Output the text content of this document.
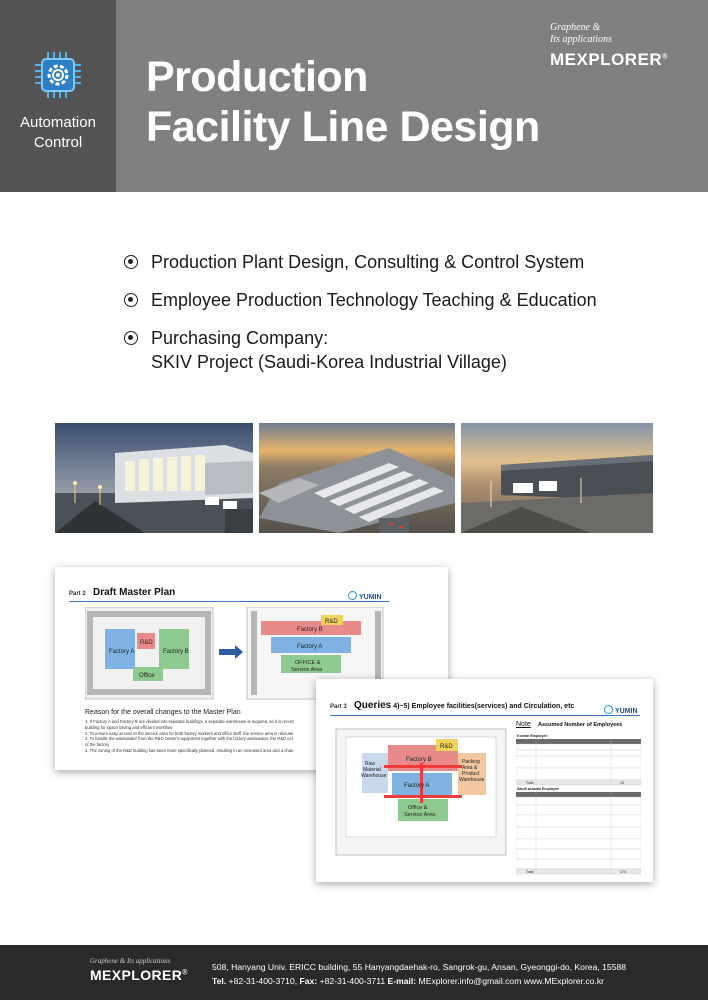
Automation
Control
Production
Facility Line Design
Graphene &
Its applications
MEXPLORER®
Production Plant Design, Consulting & Control System
Employee Production Technology Teaching & Education
Purchasing Company:
SKIV Project (Saudi-Korea Industrial Village)
Part 2 Draft Master Plan	YUMIN
Factory A
R&D
Factory B
Office
R&D
Factory B
Factory A
OFFICE &
Service Area
Reason for the overall changes to the Master Plan
1. If Factory A and Factory B are divided into separate buildings, a separate warehouse is required, so it is recom
building for space saving and efficient workflow
2. To ensure easy access to the service area for both factory workers and office staff, the service area is relocate
3. To handle the wastewater from the R&D center's equipment together with the factory wastewater, the R&D cer
of the factory
4. The zoning of the R&D building has been more specifically planned, resulting in an increased area and a chan
Part 3 Queries 4)~5) Employee facilities(services) and Circulation, etc
YUMIN
R&D
Factory B
Factory A
Raw
Material
Warehouse
Packing
Area &
Product
Warehouse
Office &
Service Area
Note Assumed Number of Employees
Korean Employee
Total	10
Saudi Arabian Employee
Total	174
Graphene & Its applications
MEXPLORER®
508, Hanyang Univ. ERICC building, 55 Hanyangdaehak-ro, Sangrok-gu, Ansan, Gyeonggi-do, Korea, 15588
Tel. +82-31-400-3710, Fax: +82-31-400-3711 E-mail: MExplorer.info@gmail.com www.MExplorer.co.kr
